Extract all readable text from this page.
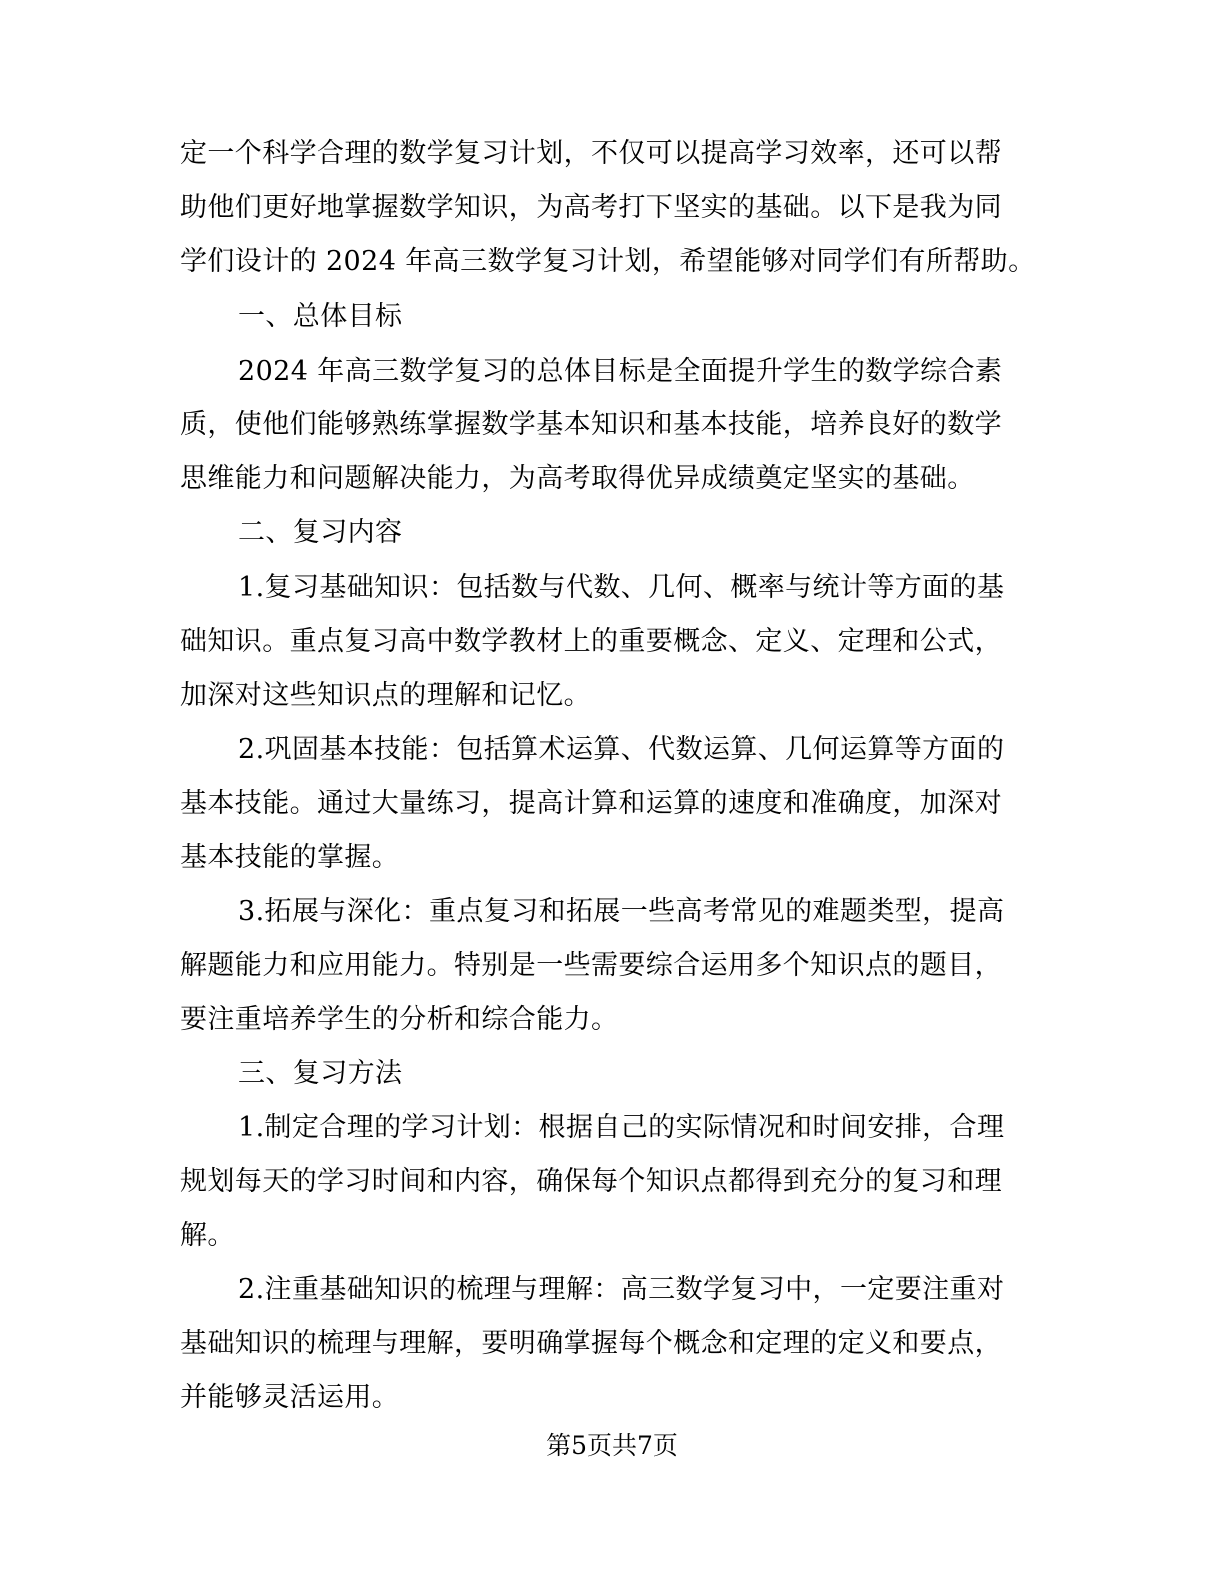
定一个科学合理的数学复习计划，不仅可以提高学习效率，还可以帮
助他们更好地掌握数学知识，为高考打下坚实的基础。以下是我为同
学们设计的 2024 年高三数学复习计划，希望能够对同学们有所帮助。
一、总体目标
2024 年高三数学复习的总体目标是全面提升学生的数学综合素
质，使他们能够熟练掌握数学基本知识和基本技能，培养良好的数学
思维能力和问题解决能力，为高考取得优异成绩奠定坚实的基础。
二、复习内容
1.复习基础知识：包括数与代数、几何、概率与统计等方面的基
础知识。重点复习高中数学教材上的重要概念、定义、定理和公式，
加深对这些知识点的理解和记忆。
2.巩固基本技能：包括算术运算、代数运算、几何运算等方面的
基本技能。通过大量练习，提高计算和运算的速度和准确度，加深对
基本技能的掌握。
3.拓展与深化：重点复习和拓展一些高考常见的难题类型，提高
解题能力和应用能力。特别是一些需要综合运用多个知识点的题目，
要注重培养学生的分析和综合能力。
三、复习方法
1.制定合理的学习计划：根据自己的实际情况和时间安排，合理
规划每天的学习时间和内容，确保每个知识点都得到充分的复习和理
解。
2.注重基础知识的梳理与理解：高三数学复习中，一定要注重对
基础知识的梳理与理解，要明确掌握每个概念和定理的定义和要点，
并能够灵活运用。
第5页共7页
